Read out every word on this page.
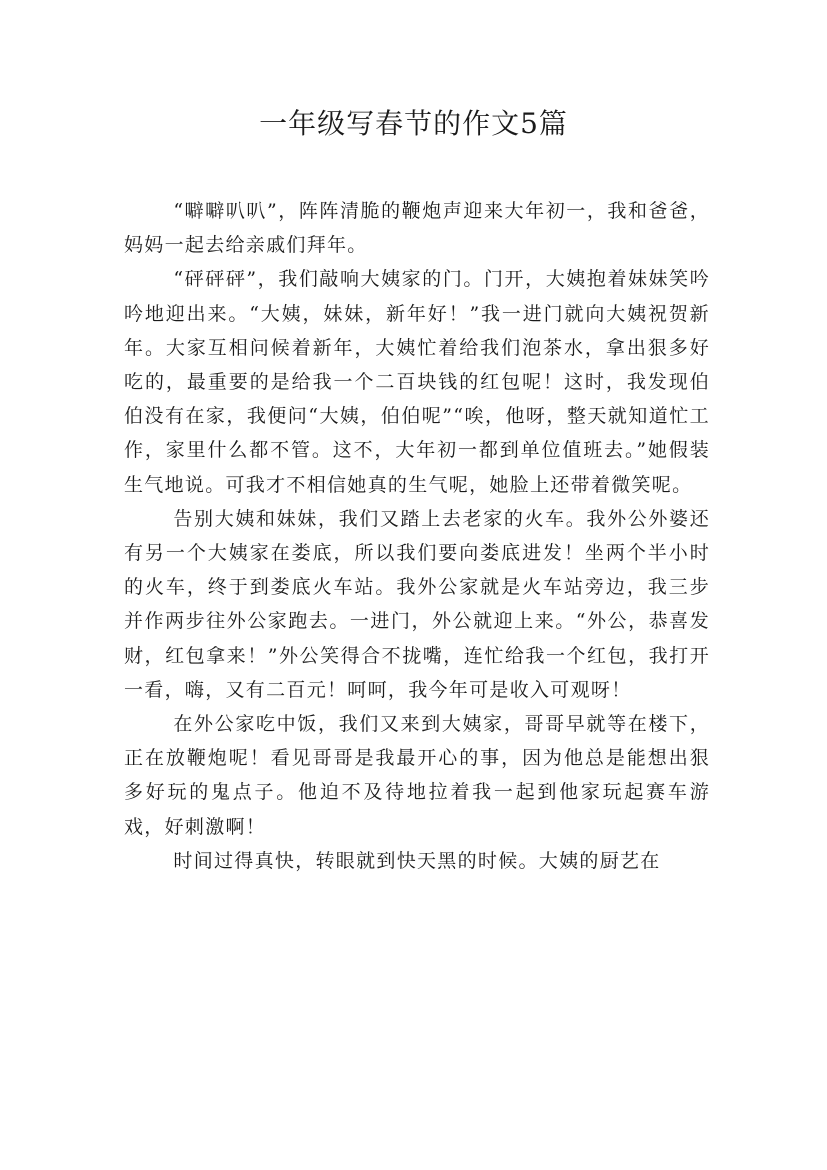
一年级写春节的作文5篇

“噼噼叭叭”，阵阵清脆的鞭炮声迎来大年初一，我和爸爸，妈妈一起去给亲戚们拜年。

“砰砰砰”，我们敲响大姨家的门。门开，大姨抱着妹妹笑吟吟地迎出来。“大姨，妹妹，新年好！”我一进门就向大姨祝贺新年。大家互相问候着新年，大姨忙着给我们泡茶水，拿出狠多好吃的，最重要的是给我一个二百块钱的红包呢！这时，我发现伯伯没有在家，我便问“大姨，伯伯呢”“唉，他呀，整天就知道忙工作，家里什么都不管。这不，大年初一都到单位值班去。”她假装生气地说。可我才不相信她真的生气呢，她脸上还带着微笑呢。

告别大姨和妹妹，我们又踏上去老家的火车。我外公外婆还有另一个大姨家在娄底，所以我们要向娄底进发！坐两个半小时的火车，终于到娄底火车站。我外公家就是火车站旁边，我三步并作两步往外公家跑去。一进门，外公就迎上来。“外公，恭喜发财，红包拿来！”外公笑得合不拢嘴，连忙给我一个红包，我打开一看，嗨，又有二百元！呵呵，我今年可是收入可观呀！

在外公家吃中饭，我们又来到大姨家，哥哥早就等在楼下，正在放鞭炮呢！看见哥哥是我最开心的事，因为他总是能想出狠多好玩的鬼点子。他迫不及待地拉着我一起到他家玩起赛车游戏，好刺激啊！

时间过得真快，转眼就到快天黑的时候。大姨的厨艺在
